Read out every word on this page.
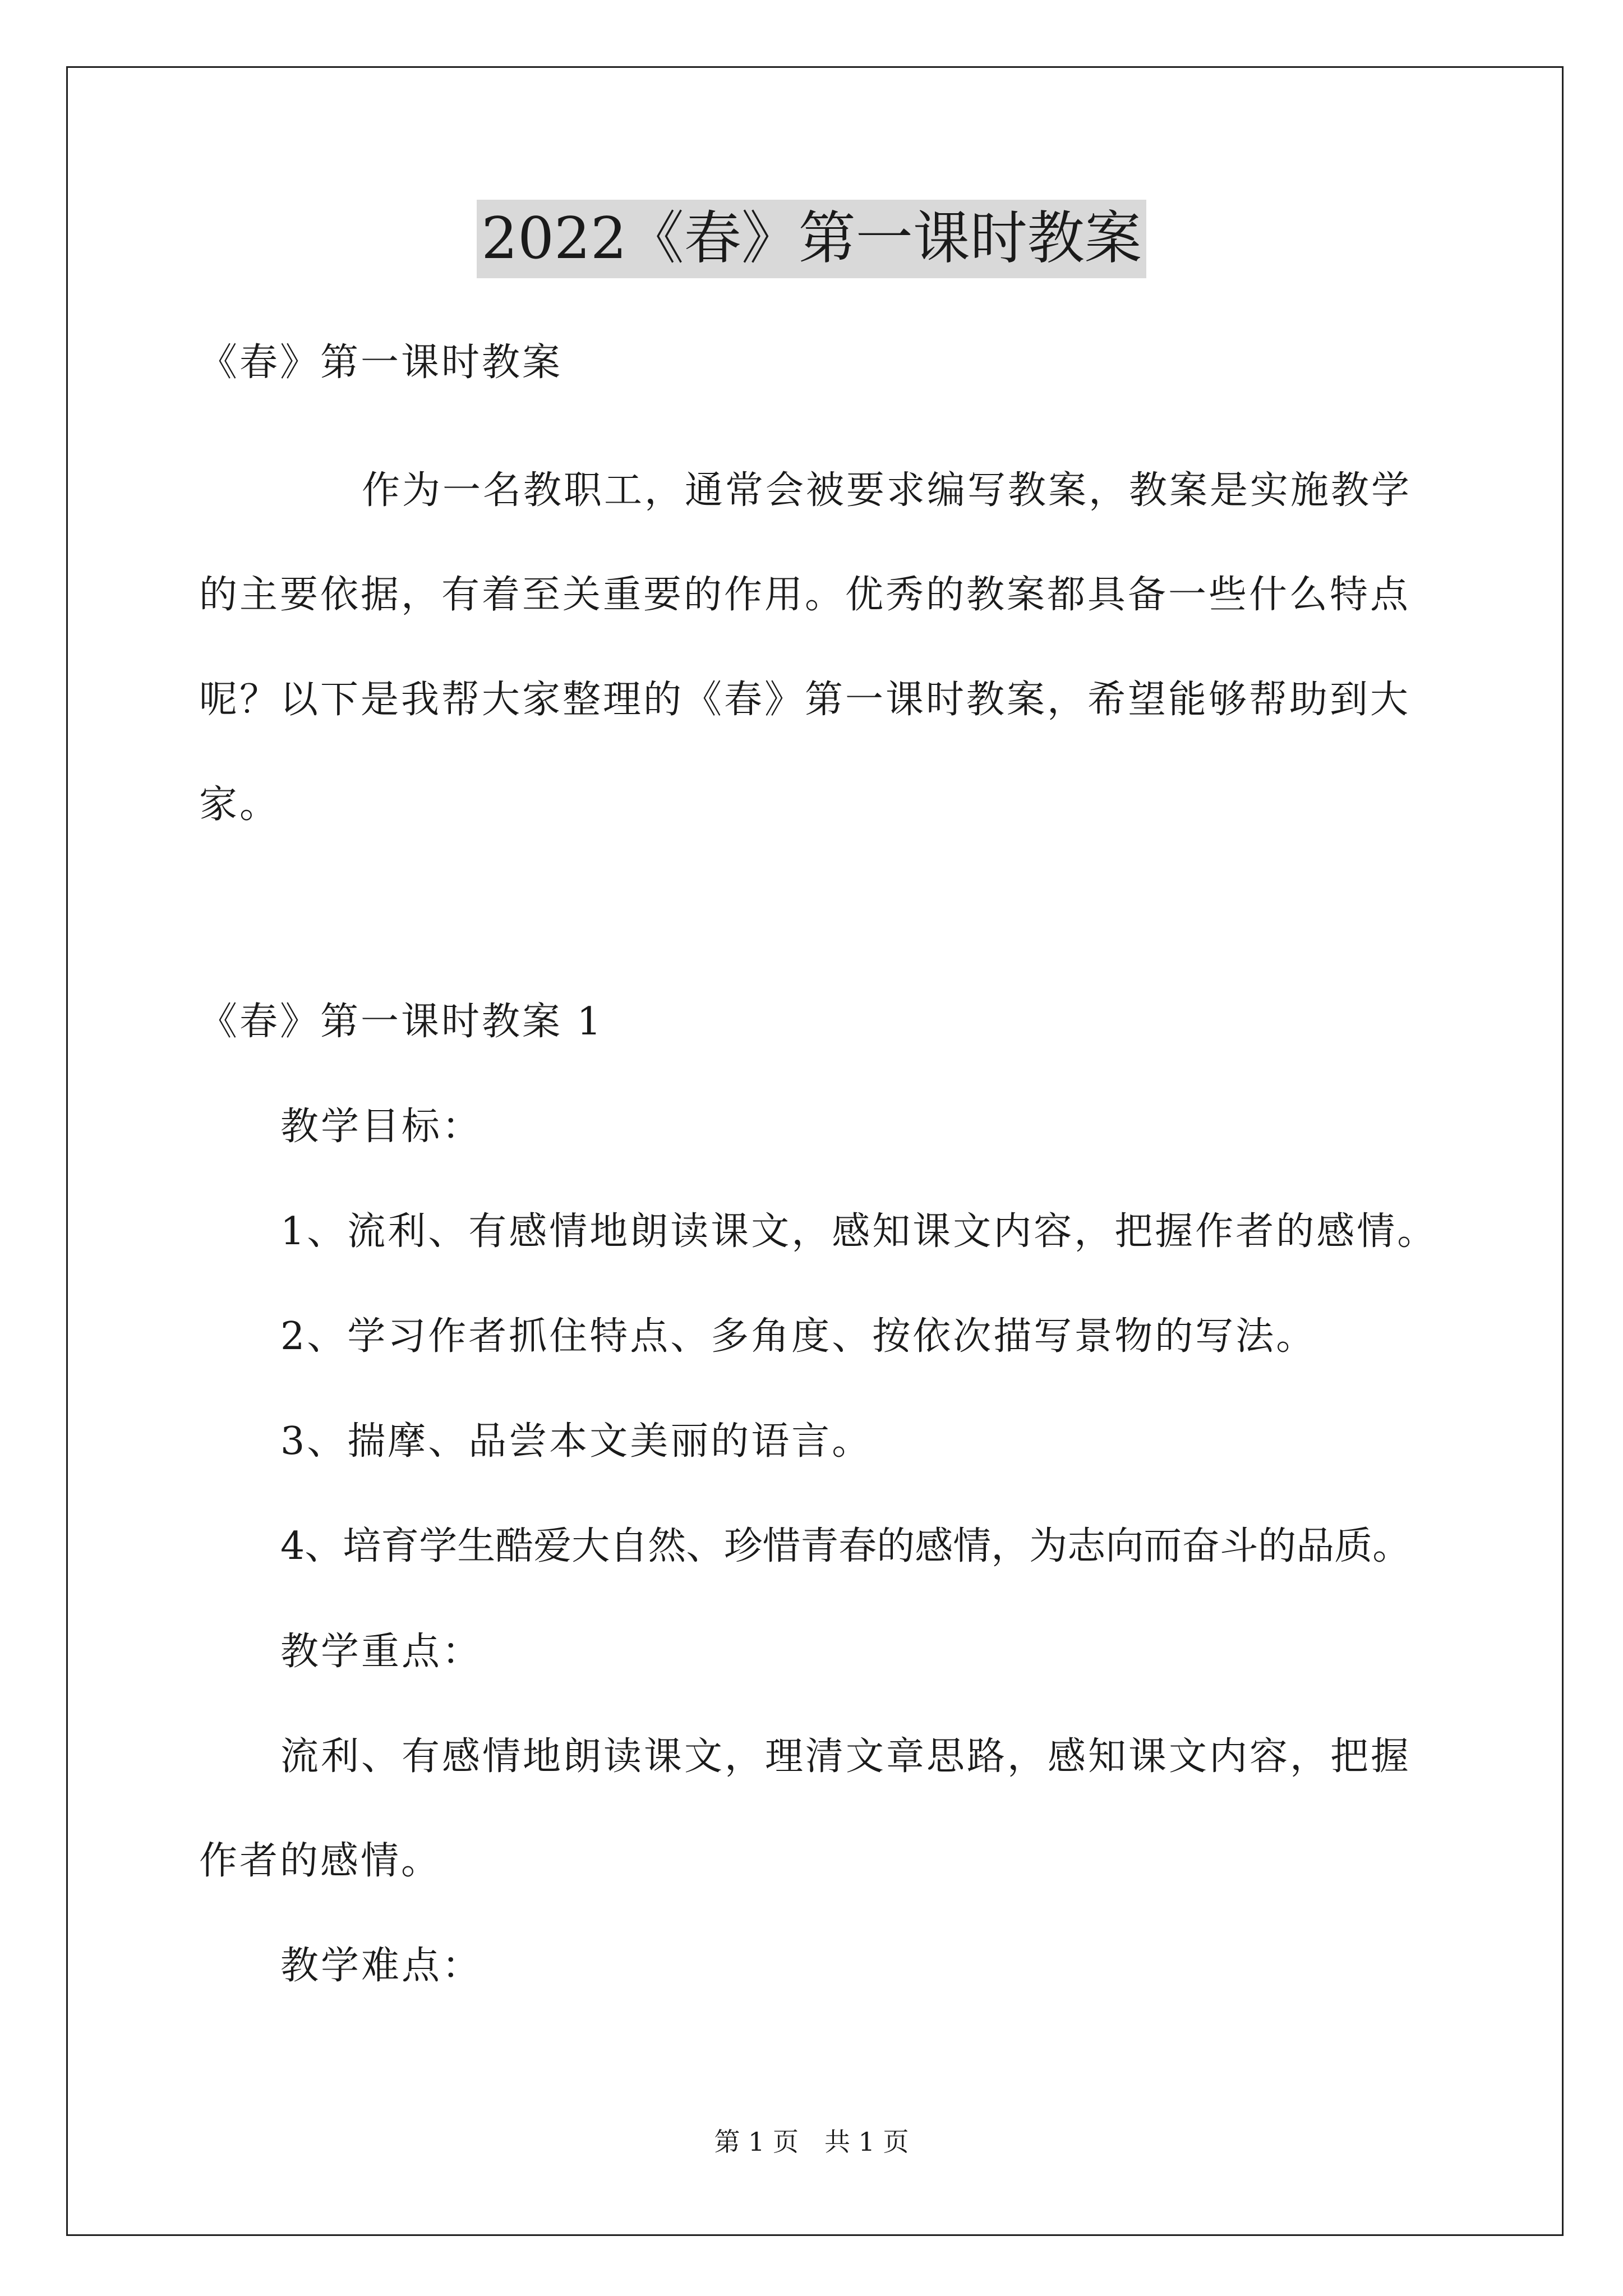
2022《春》第一课时教案
《春》第一课时教案
作为一名教职工，通常会被要求编写教案，教案是实施教学
的主要依据，有着至关重要的作用。优秀的教案都具备一些什么特点
呢？以下是我帮大家整理的《春》第一课时教案，希望能够帮助到大
家。
《春》第一课时教案 1
教学目标：
1、流利、有感情地朗读课文，感知课文内容，把握作者的感情。
2、学习作者抓住特点、多角度、按依次描写景物的写法。
3、揣摩、品尝本文美丽的语言。
4、培育学生酷爱大自然、珍惜青春的感情，为志向而奋斗的品质。
教学重点：
流利、有感情地朗读课文，理清文章思路，感知课文内容，把握
作者的感情。
教学难点：
第 1 页　共 1 页
